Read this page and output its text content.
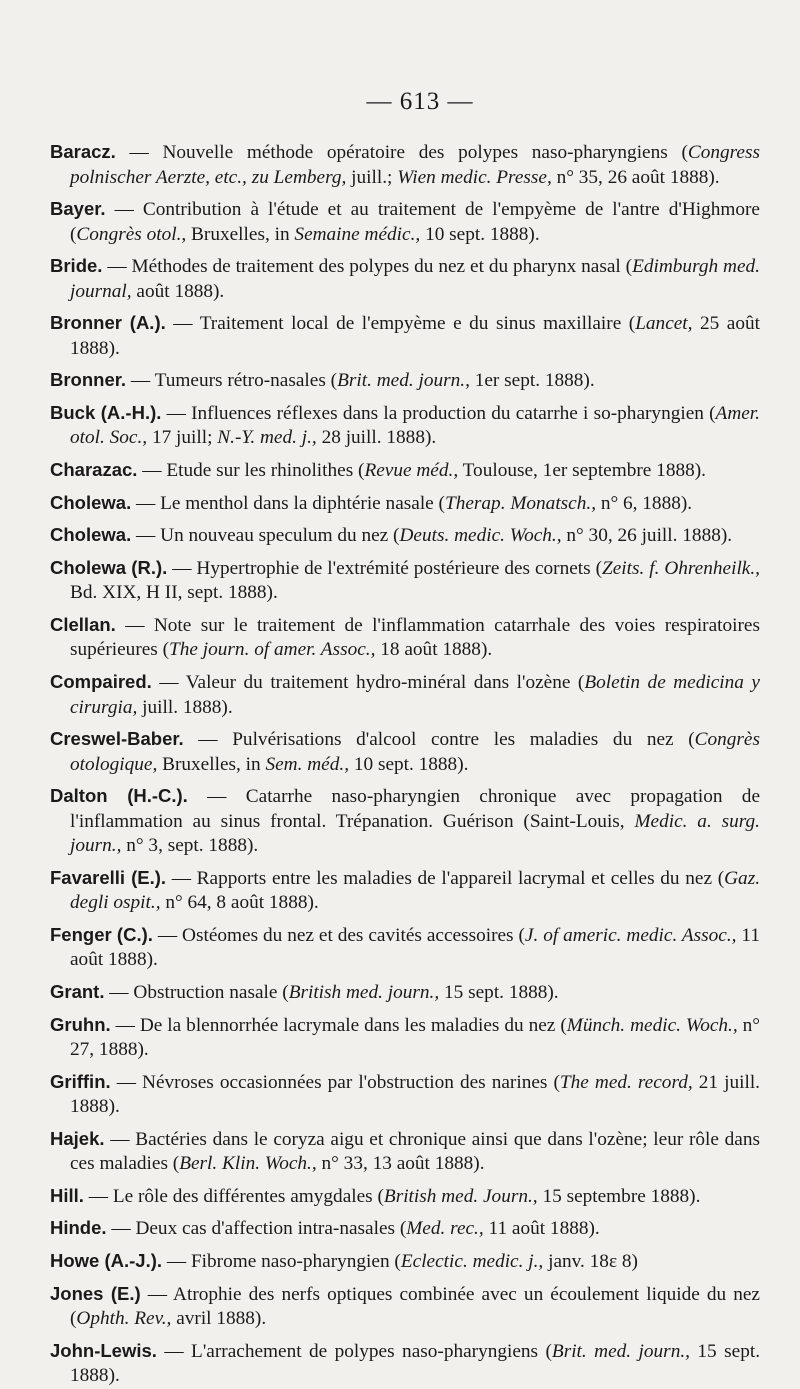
— 613 —

Baracz. — Nouvelle méthode opératoire des polypes naso-pharyngiens (Congress polnischer Aerzte, etc., zu Lemberg, juill.; Wien medic. Presse, n° 35, 26 août 1888).

Bayer. — Contribution à l'étude et au traitement de l'empyème de l'antre d'Highmore (Congrès otol., Bruxelles, in Semaine médic., 10 sept. 1888).

Bride. — Méthodes de traitement des polypes du nez et du pharynx nasal (Edimburgh med. journal, août 1888).

Bronner (A.). — Traitement local de l'empyème e du sinus maxillaire (Lancet, 25 août 1888).

Bronner. — Tumeurs rétro-nasales (Brit. med. journ., 1er sept. 1888).

Buck (A.-H.). — Influences réflexes dans la production du catarrhe i so-pharyngien (Amer. otol. Soc., 17 juill; N.-Y. med. j., 28 juill. 1888).

Charazac. — Etude sur les rhinolithes (Revue méd., Toulouse, 1er septembre 1888).

Cholewa. — Le menthol dans la diphtérie nasale (Therap. Monatsch., n° 6, 1888).

Cholewa. — Un nouveau speculum du nez (Deuts. medic. Woch., n° 30, 26 juill. 1888).

Cholewa (R.). — Hypertrophie de l'extrémité postérieure des cornets (Zeits. f. Ohrenheilk., Bd. XIX, H II, sept. 1888).

Clellan. — Note sur le traitement de l'inflammation catarrhale des voies respiratoires supérieures (The journ. of amer. Assoc., 18 août 1888).

Compaired. — Valeur du traitement hydro-minéral dans l'ozène (Boletin de medicina y cirurgia, juill. 1888).

Creswel-Baber. — Pulvérisations d'alcool contre les maladies du nez (Congrès otologique, Bruxelles, in Sem. méd., 10 sept. 1888).

Dalton (H.-C.). — Catarrhe naso-pharyngien chronique avec propagation de l'inflammation au sinus frontal. Trépanation. Guérison (Saint-Louis, Medic. a. surg. journ., n° 3, sept. 1888).

Favarelli (E.). — Rapports entre les maladies de l'appareil lacrymal et celles du nez (Gaz. degli ospit., n° 64, 8 août 1888).

Fenger (C.). — Ostéomes du nez et des cavités accessoires (J. of americ. medic. Assoc., 11 août 1888).

Grant. — Obstruction nasale (British med. journ., 15 sept. 1888).

Gruhn. — De la blennorrhée lacrymale dans les maladies du nez (Münch. medic. Woch., n° 27, 1888).

Griffin. — Névroses occasionnées par l'obstruction des narines (The med. record, 21 juill. 1888).

Hajek. — Bactéries dans le coryza aigu et chronique ainsi que dans l'ozène; leur rôle dans ces maladies (Berl. Klin. Woch., n° 33, 13 août 1888).

Hill. — Le rôle des différentes amygdales (British med. Journ., 15 septembre 1888).

Hinde. — Deux cas d'affection intra-nasales (Med. rec., 11 août 1888).

Howe (A.-J.). — Fibrome naso-pharyngien (Eclectic. medic. j., janv. 18ε 8)

Jones (E.) — Atrophie des nerfs optiques combinée avec un écoulement liquide du nez (Ophth. Rev., avril 1888).

John-Lewis. — L'arrachement de polypes naso-pharyngiens (Brit. med. journ., 15 sept. 1888).
